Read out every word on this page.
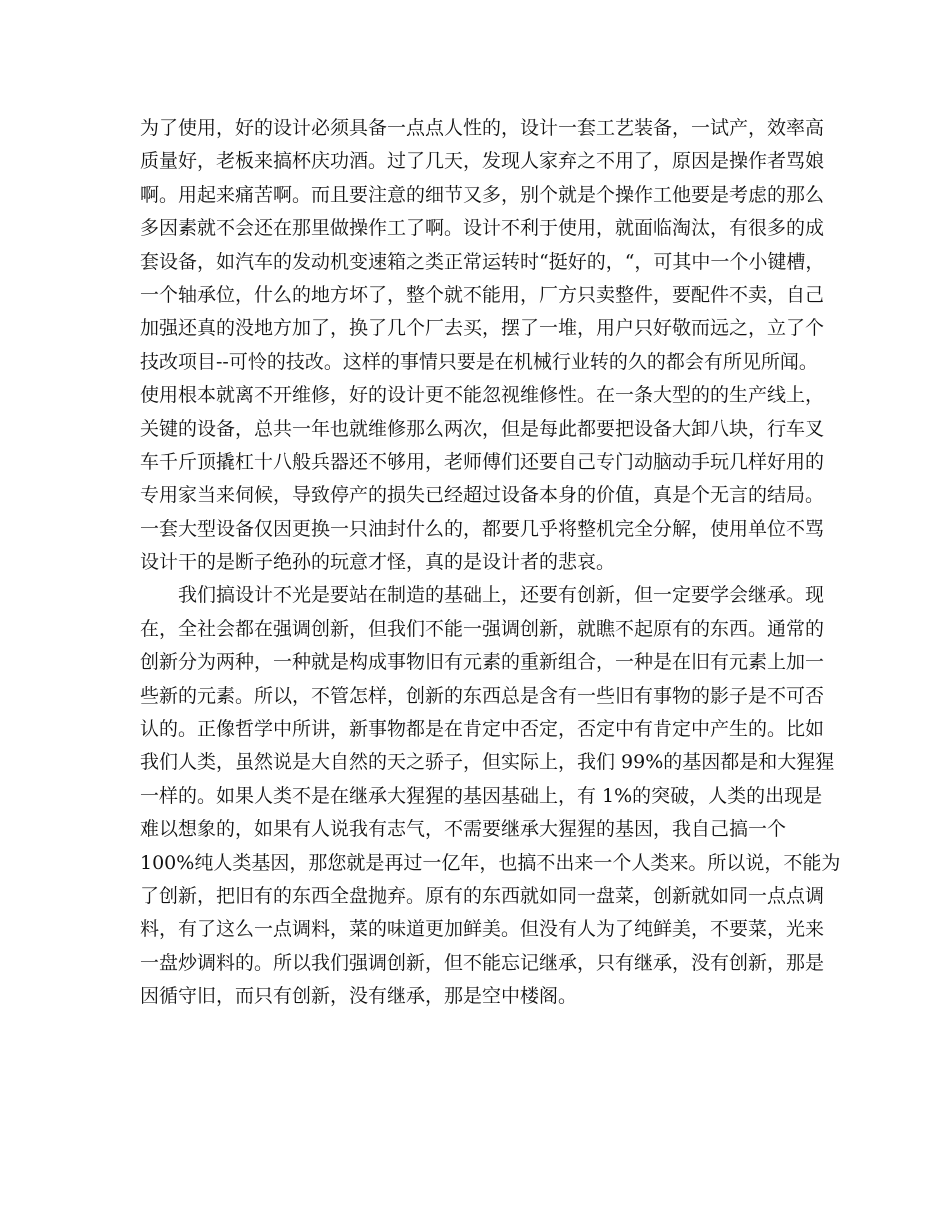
为了使用，好的设计必须具备一点点人性的，设计一套工艺装备，一试产，效率高
质量好，老板来搞杯庆功酒。过了几天，发现人家弃之不用了，原因是操作者骂娘
啊。用起来痛苦啊。而且要注意的细节又多，别个就是个操作工他要是考虑的那么
多因素就不会还在那里做操作工了啊。设计不利于使用，就面临淘汰，有很多的成
套设备，如汽车的发动机变速箱之类正常运转时“挺好的，“，可其中一个小键槽，
一个轴承位，什么的地方坏了，整个就不能用，厂方只卖整件，要配件不卖，自己
加强还真的没地方加了，换了几个厂去买，摆了一堆，用户只好敬而远之，立了个
技改项目--可怜的技改。这样的事情只要是在机械行业转的久的都会有所见所闻。
使用根本就离不开维修，好的设计更不能忽视维修性。在一条大型的的生产线上，
关键的设备，总共一年也就维修那么两次，但是每此都要把设备大卸八块，行车叉
车千斤顶撬杠十八般兵器还不够用，老师傅们还要自己专门动脑动手玩几样好用的
专用家当来伺候，导致停产的损失已经超过设备本身的价值，真是个无言的结局。
一套大型设备仅因更换一只油封什么的，都要几乎将整机完全分解，使用单位不骂
设计干的是断子绝孙的玩意才怪，真的是设计者的悲哀。
　　我们搞设计不光是要站在制造的基础上，还要有创新，但一定要学会继承。现
在，全社会都在强调创新，但我们不能一强调创新，就瞧不起原有的东西。通常的
创新分为两种，一种就是构成事物旧有元素的重新组合，一种是在旧有元素上加一
些新的元素。所以，不管怎样，创新的东西总是含有一些旧有事物的影子是不可否
认的。正像哲学中所讲，新事物都是在肯定中否定，否定中有肯定中产生的。比如
我们人类，虽然说是大自然的天之骄子，但实际上，我们 99%的基因都是和大猩猩
一样的。如果人类不是在继承大猩猩的基因基础上，有 1%的突破，人类的出现是
难以想象的，如果有人说我有志气，不需要继承大猩猩的基因，我自己搞一个
100%纯人类基因，那您就是再过一亿年，也搞不出来一个人类来。所以说，不能为
了创新，把旧有的东西全盘抛弃。原有的东西就如同一盘菜，创新就如同一点点调
料，有了这么一点调料，菜的味道更加鲜美。但没有人为了纯鲜美，不要菜，光来
一盘炒调料的。所以我们强调创新，但不能忘记继承，只有继承，没有创新，那是
因循守旧，而只有创新，没有继承，那是空中楼阁。
